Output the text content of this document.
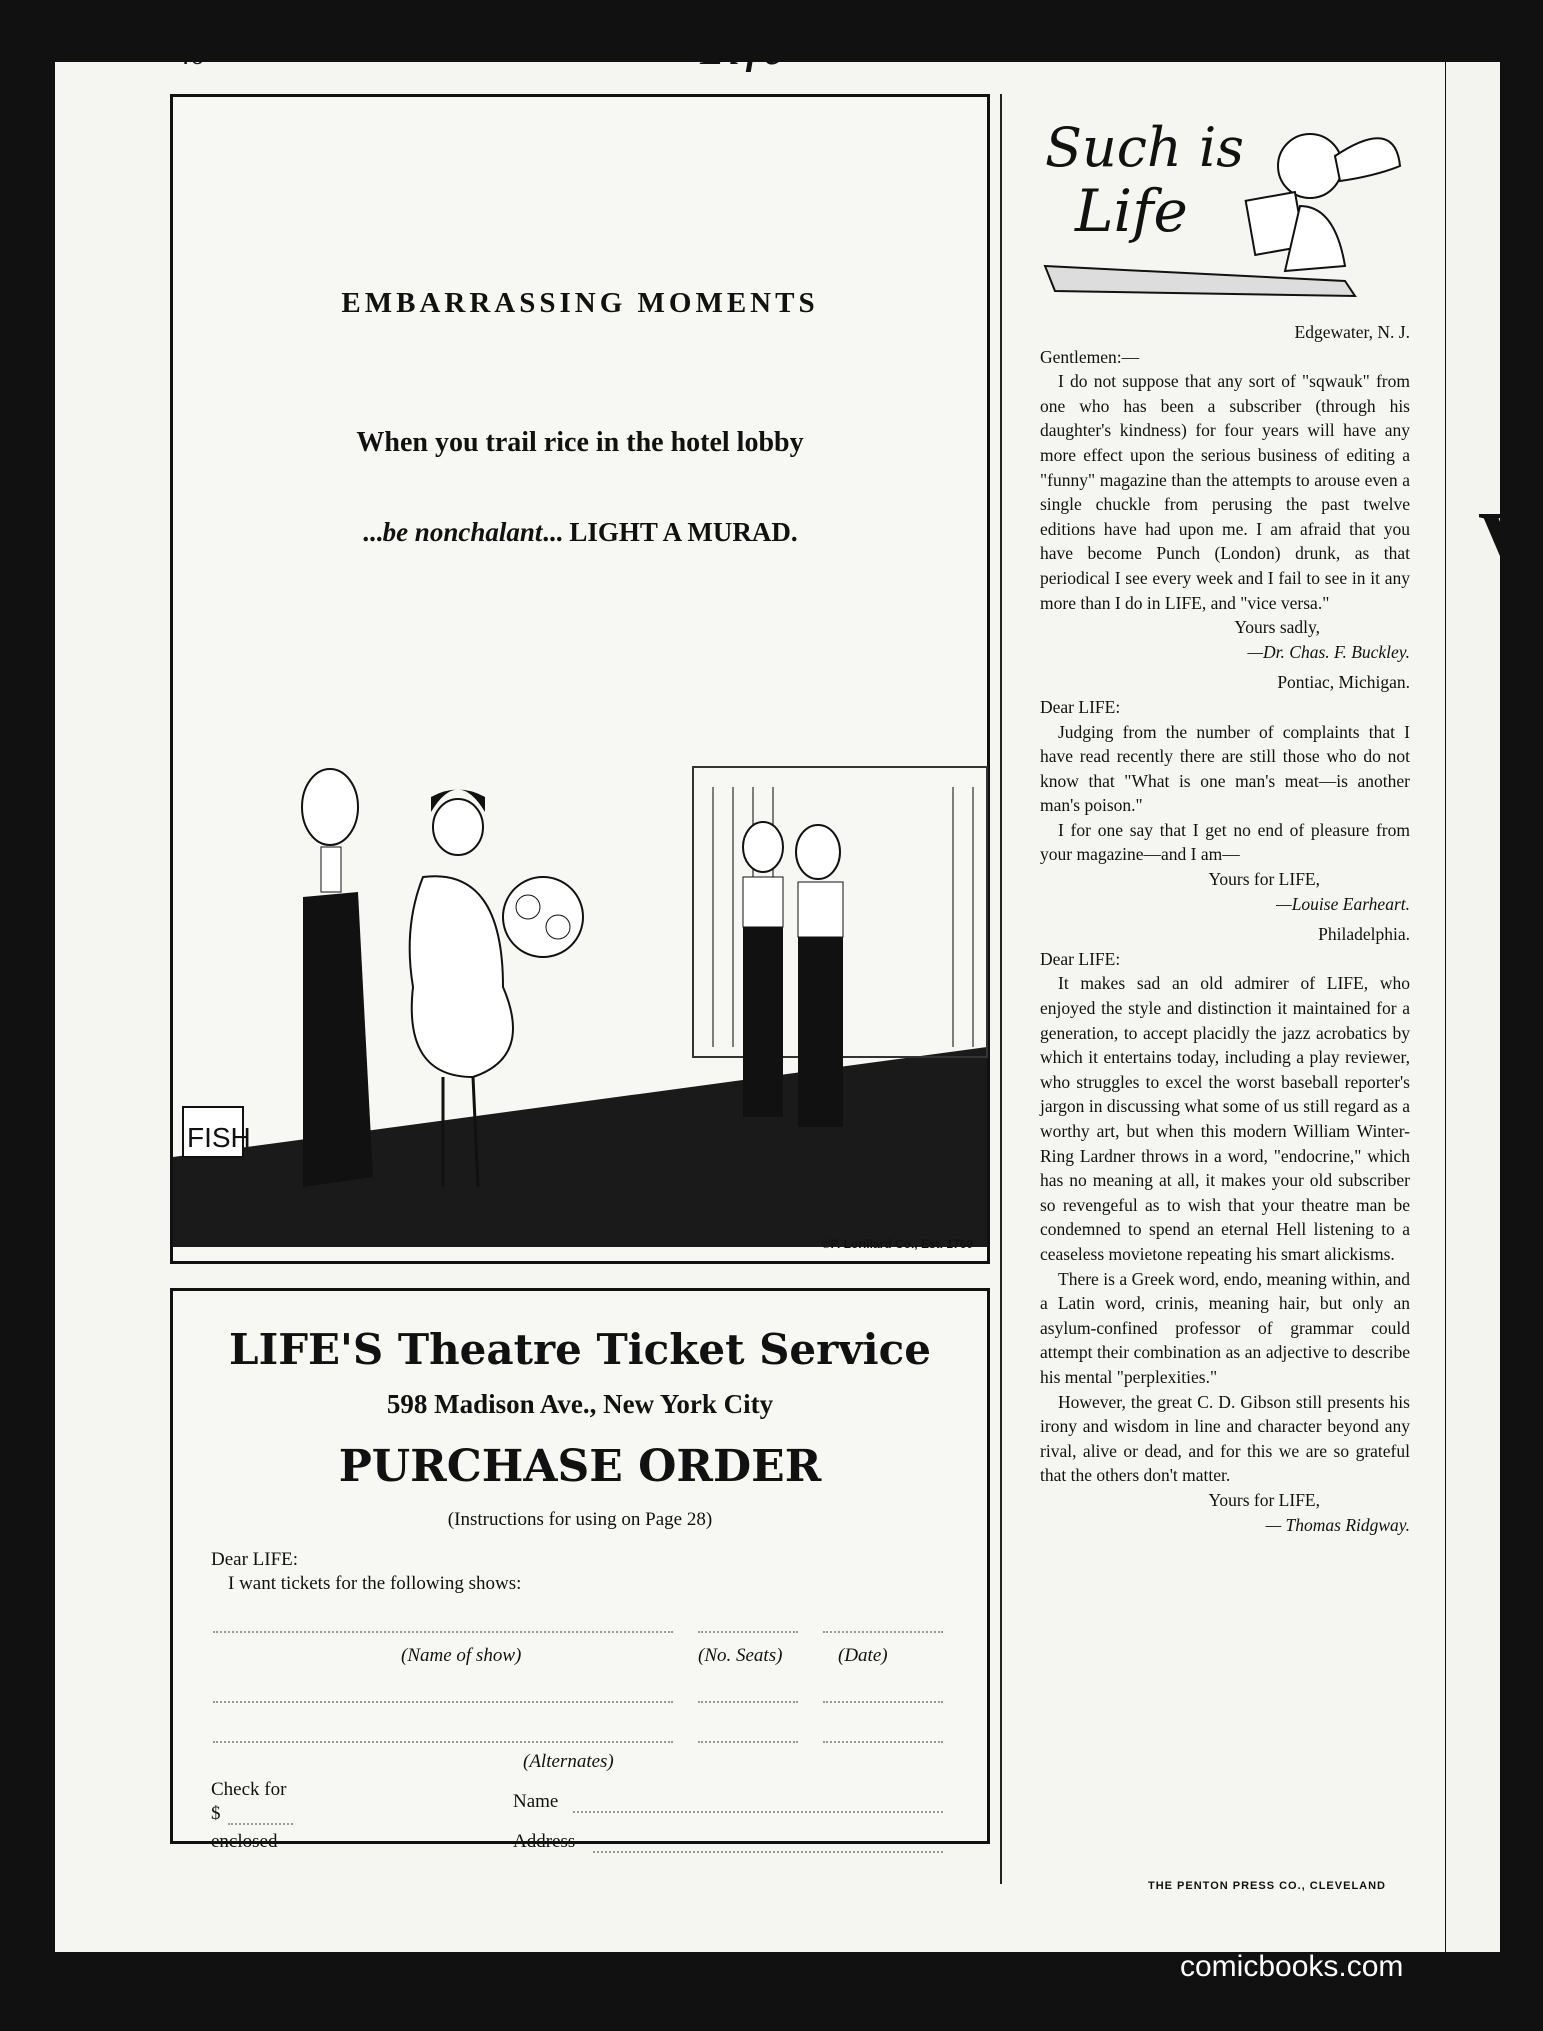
V
40	Life
EMBARRASSING MOMENTS
When you trail rice in the hotel lobby
...be nonchalant... LIGHT A MURAD.
FISH
©P. Lorillard Co., Est. 1760
LIFE'S Theatre Ticket Service
598 Madison Ave., New York City
PURCHASE ORDER
(Instructions for using on Page 28)
Dear LIFE:
I want tickets for the following shows:
(Name of show)	(No. Seats)	(Date)
(Alternates)
Check for
$
enclosed
Name
Address
Such is
Life

Edgewater, N. J.

Gentlemen:—

I do not suppose that any sort of "sqwauk" from one who has been a subscriber (through his daughter's kindness) for four years will have any more effect upon the serious business of editing a "funny" magazine than the attempts to arouse even a single chuckle from perusing the past twelve editions have had upon me. I am afraid that you have become Punch (London) drunk, as that periodical I see every week and I fail to see in it any more than I do in LIFE, and "vice versa."

Yours sadly,

—Dr. Chas. F. Buckley.

Pontiac, Michigan.

Dear LIFE:

Judging from the number of complaints that I have read recently there are still those who do not know that "What is one man's meat—is another man's poison."

I for one say that I get no end of pleasure from your magazine—and I am—

Yours for LIFE,

—Louise Earheart.

Philadelphia.

Dear LIFE:

It makes sad an old admirer of LIFE, who enjoyed the style and distinction it maintained for a generation, to accept placidly the jazz acrobatics by which it entertains today, including a play reviewer, who struggles to excel the worst baseball reporter's jargon in discussing what some of us still regard as a worthy art, but when this modern William Winter-Ring Lardner throws in a word, "endocrine," which has no meaning at all, it makes your old subscriber so revengeful as to wish that your theatre man be condemned to spend an eternal Hell listening to a ceaseless movietone repeating his smart alickisms.

There is a Greek word, endo, meaning within, and a Latin word, crinis, meaning hair, but only an asylum-confined professor of grammar could attempt their combination as an adjective to describe his mental "perplexities."

However, the great C. D. Gibson still presents his irony and wisdom in line and character beyond any rival, alive or dead, and for this we are so grateful that the others don't matter.

Yours for LIFE,

— Thomas Ridgway.

THE PENTON PRESS CO., CLEVELAND
comicbooks.com
